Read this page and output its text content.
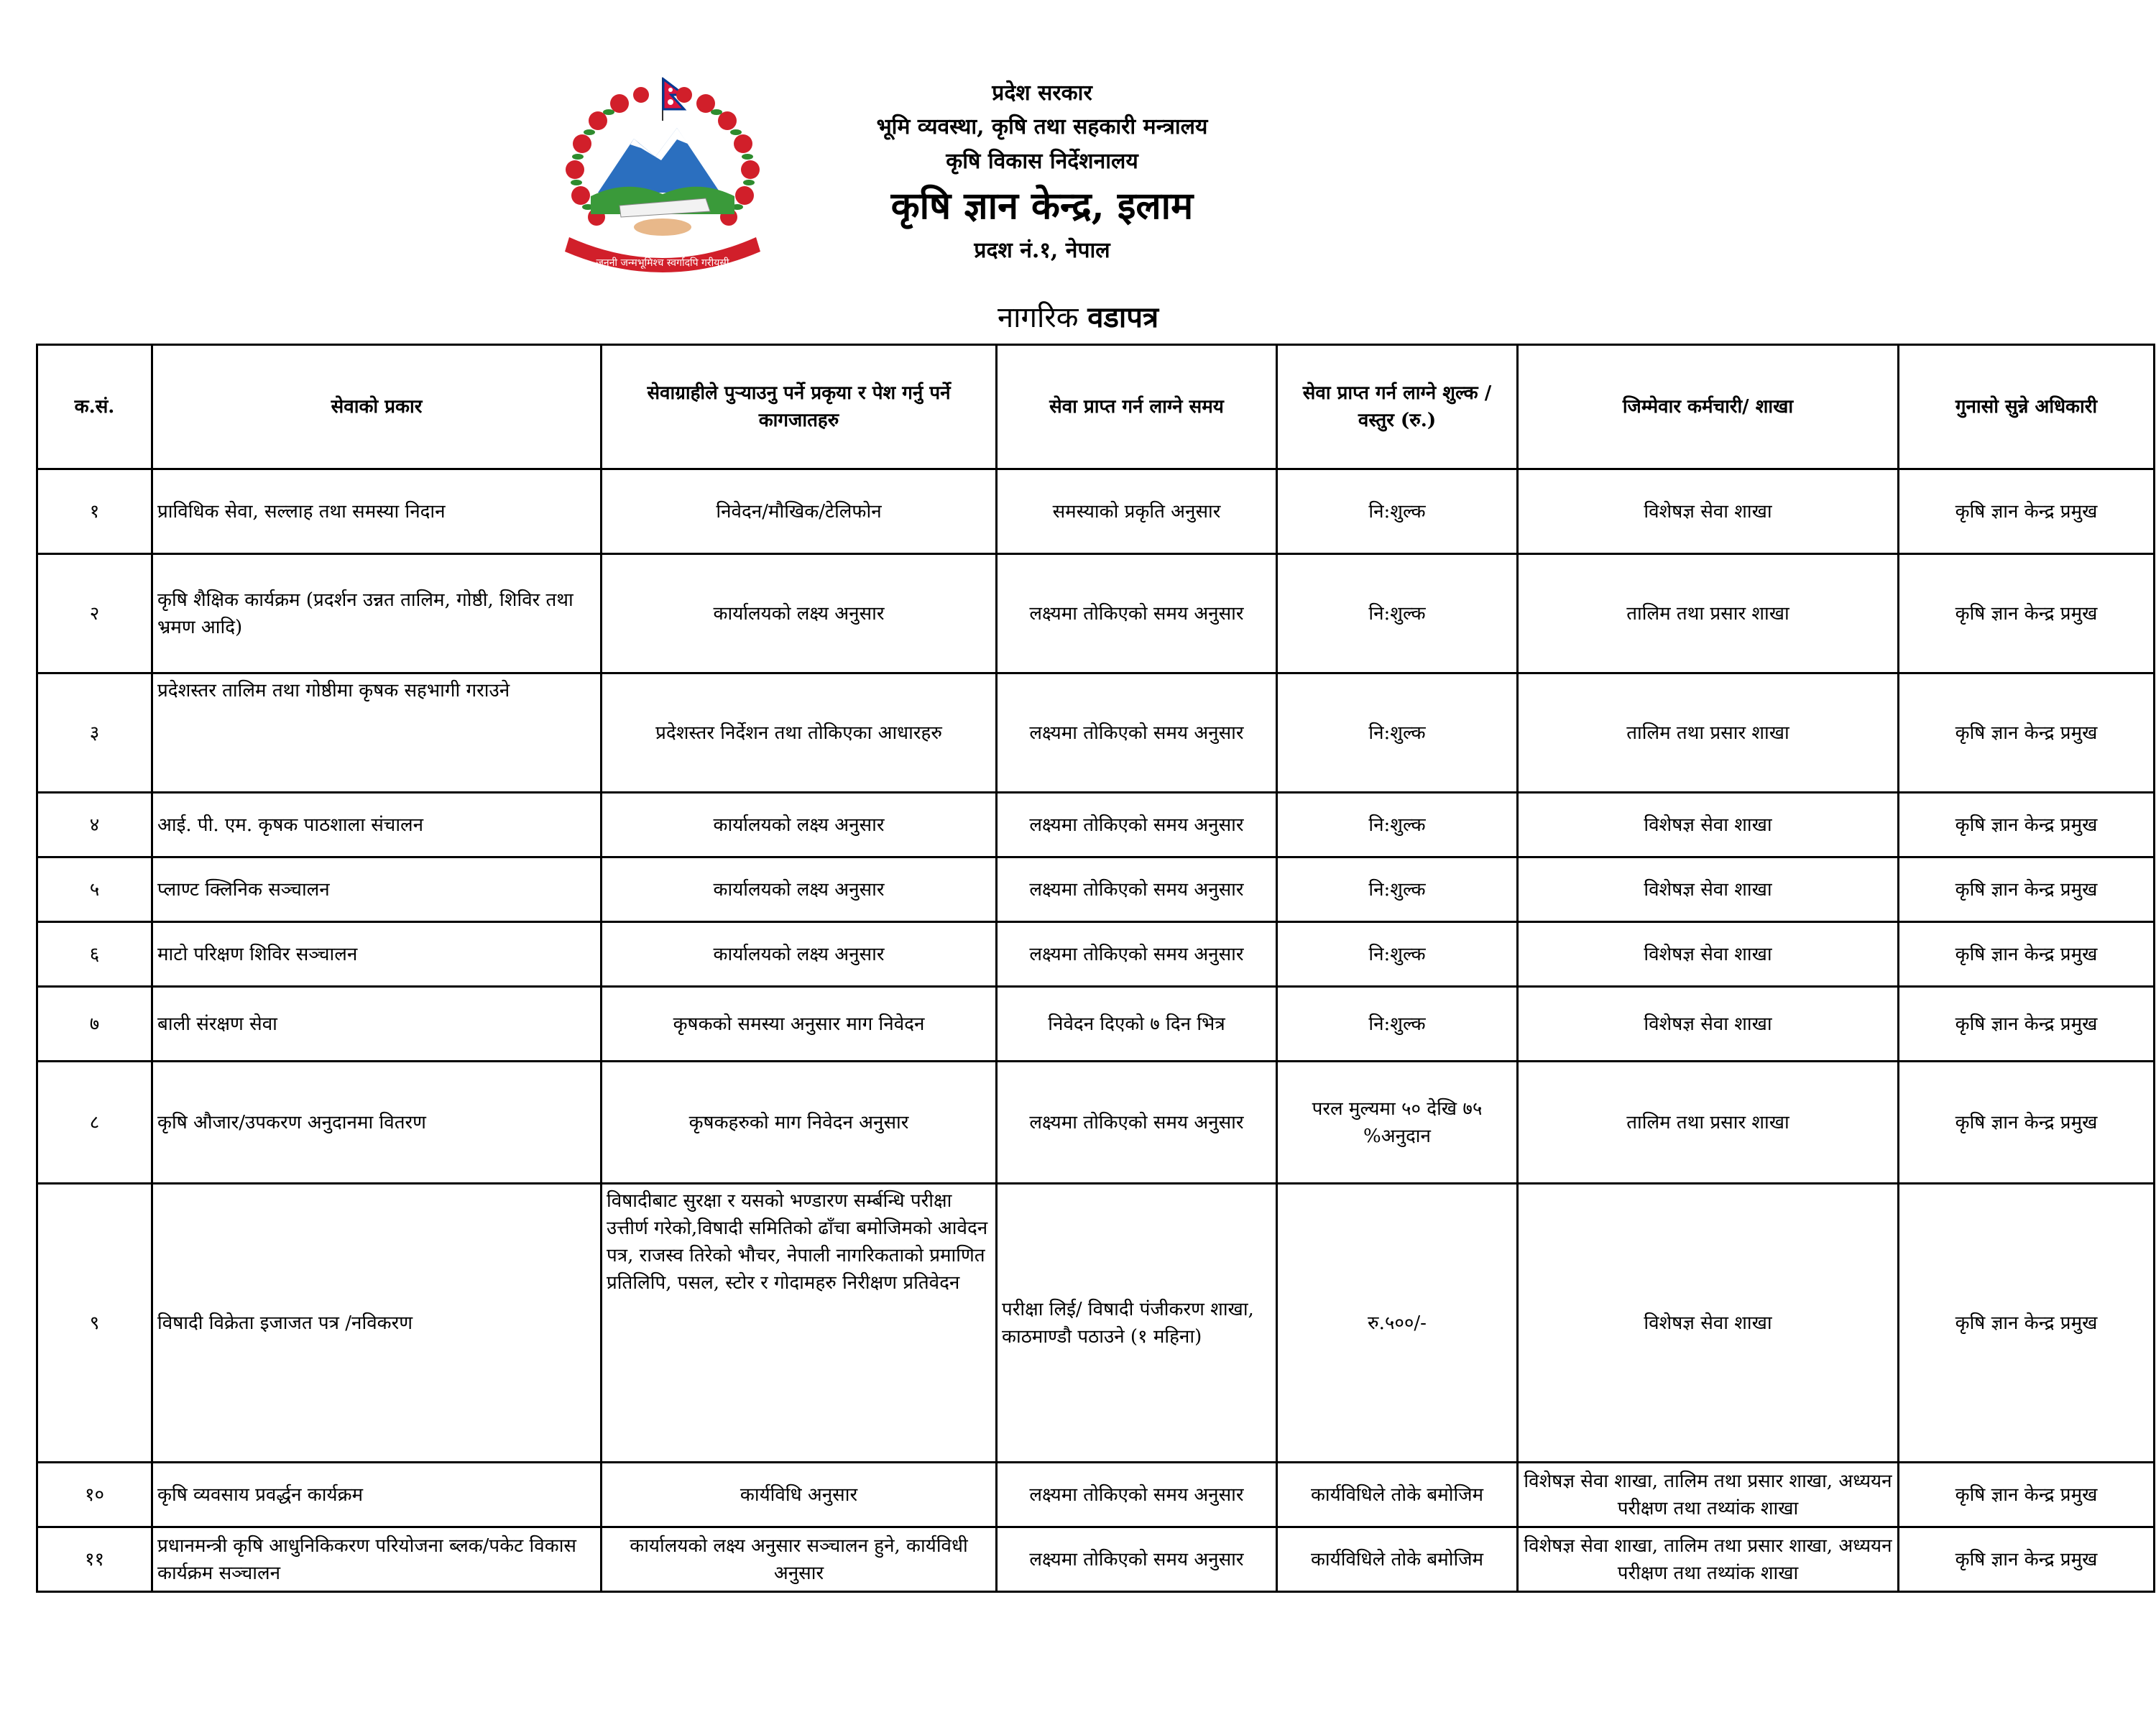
जननी जन्मभूमिश्च स्वर्गादपि गरीयसी
प्रदेश सरकार
भूमि व्यवस्था, कृषि तथा सहकारी मन्त्रालय
कृषि विकास निर्देशनालय
कृषि ज्ञान केन्द्र, इलाम
प्रदश नं.१, नेपाल
नागरिक वडापत्र
क.सं.	सेवाको प्रकार	सेवाग्राहीले पुऱ्याउनु पर्ने प्रकृया र पेश गर्नु पर्ने कागजातहरु	सेवा प्राप्त गर्न लाग्ने समय	सेवा प्राप्त गर्न लाग्ने शुल्क / वस्तुर (रु.)	जिम्मेवार कर्मचारी/ शाखा	गुनासो सुन्ने अधिकारी
१	प्राविधिक सेवा, सल्लाह तथा समस्या निदान	निवेदन/मौखिक/टेलिफोन	समस्याको प्रकृति अनुसार	नि:शुल्क	विशेषज्ञ सेवा शाखा	कृषि ज्ञान केन्द्र प्रमुख
२	कृषि शैक्षिक कार्यक्रम (प्रदर्शन उन्नत तालिम, गोष्ठी, शिविर तथा भ्रमण आदि)	कार्यालयको लक्ष्य अनुसार	लक्ष्यमा तोकिएको समय अनुसार	नि:शुल्क	तालिम तथा प्रसार शाखा	कृषि ज्ञान केन्द्र प्रमुख
३	प्रदेशस्तर तालिम तथा गोष्ठीमा कृषक सहभागी गराउने	प्रदेशस्तर निर्देशन तथा तोकिएका आधारहरु	लक्ष्यमा तोकिएको समय अनुसार	नि:शुल्क	तालिम तथा प्रसार शाखा	कृषि ज्ञान केन्द्र प्रमुख
४	आई. पी. एम. कृषक पाठशाला संचालन	कार्यालयको लक्ष्य अनुसार	लक्ष्यमा तोकिएको समय अनुसार	नि:शुल्क	विशेषज्ञ सेवा शाखा	कृषि ज्ञान केन्द्र प्रमुख
५	प्लाण्ट क्लिनिक सञ्चालन	कार्यालयको लक्ष्य अनुसार	लक्ष्यमा तोकिएको समय अनुसार	नि:शुल्क	विशेषज्ञ सेवा शाखा	कृषि ज्ञान केन्द्र प्रमुख
६	माटो परिक्षण शिविर सञ्चालन	कार्यालयको लक्ष्य अनुसार	लक्ष्यमा तोकिएको समय अनुसार	नि:शुल्क	विशेषज्ञ सेवा शाखा	कृषि ज्ञान केन्द्र प्रमुख
७	बाली संरक्षण सेवा	कृषकको समस्या अनुसार माग निवेदन	निवेदन दिएको ७ दिन भित्र	नि:शुल्क	विशेषज्ञ सेवा शाखा	कृषि ज्ञान केन्द्र प्रमुख
८	कृषि औजार/उपकरण अनुदानमा वितरण	कृषकहरुको माग निवेदन अनुसार	लक्ष्यमा तोकिएको समय अनुसार	परल मुल्यमा ५० देखि ७५ %अनुदान	तालिम तथा प्रसार शाखा	कृषि ज्ञान केन्द्र प्रमुख
९	विषादी विक्रेता इजाजत पत्र /नविकरण	विषादीबाट सुरक्षा र यसको भण्डारण सर्म्बन्धि परीक्षा उत्तीर्ण गरेको,विषादी समितिको ढाँचा बमोजिमको आवेदन पत्र, राजस्व तिरेको भौचर, नेपाली नागरिकताको प्रमाणित प्रतिलिपि, पसल, स्टोर र गोदामहरु निरीक्षण प्रतिवेदन	परीक्षा लिई/ विषादी पंजीकरण शाखा, काठमाण्डौ पठाउने (१ महिना)	रु.५००/-	विशेषज्ञ सेवा शाखा	कृषि ज्ञान केन्द्र प्रमुख
१०	कृषि व्यवसाय प्रवर्द्धन कार्यक्रम	कार्यविधि अनुसार	लक्ष्यमा तोकिएको समय अनुसार	कार्यविधिले तोके बमोजिम	विशेषज्ञ सेवा शाखा, तालिम तथा प्रसार शाखा, अध्ययन परीक्षण तथा तथ्यांक शाखा	कृषि ज्ञान केन्द्र प्रमुख
११	प्रधानमन्त्री कृषि आधुनिकिकरण परियोजना ब्लक/पकेट विकास कार्यक्रम सञ्चालन	कार्यालयको लक्ष्य अनुसार सञ्चालन हुने, कार्यविधी अनुसार	लक्ष्यमा तोकिएको समय अनुसार	कार्यविधिले तोके बमोजिम	विशेषज्ञ सेवा शाखा, तालिम तथा प्रसार शाखा, अध्ययन परीक्षण तथा तथ्यांक शाखा	कृषि ज्ञान केन्द्र प्रमुख
